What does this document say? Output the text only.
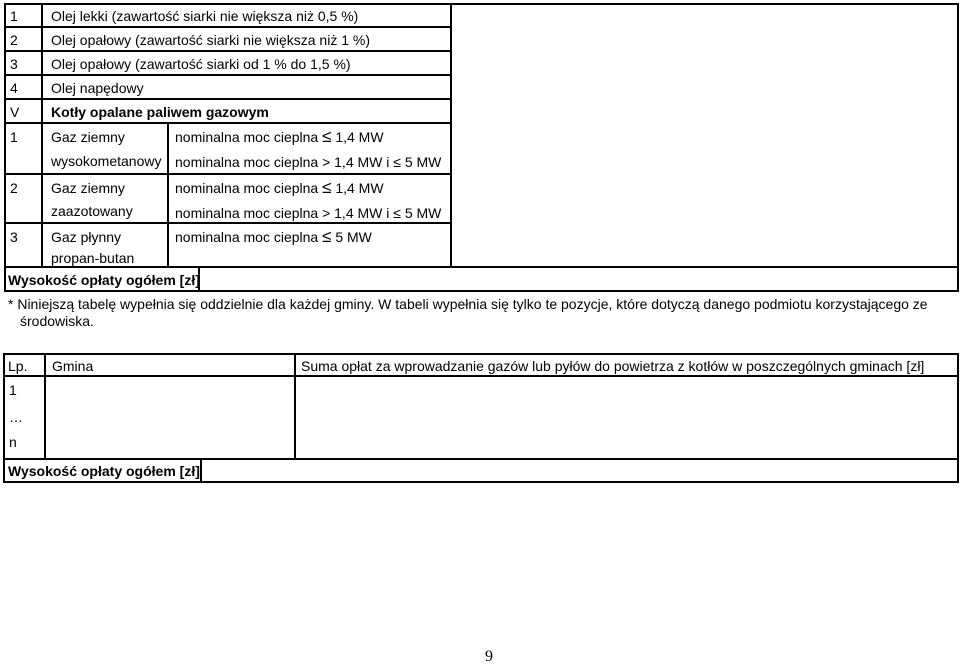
1 Olej lekki (zawartość siarki nie większa niż 0,5 %)
2 Olej opałowy (zawartość siarki nie większa niż 1 %)
3 Olej opałowy (zawartość siarki od 1 % do 1,5 %)
4 Olej napędowy
V Kotły opalane paliwem gazowym
1 Gaz ziemny
wysokometanowy
nominalna moc cieplna ≤ 1,4 MW
nominalna moc cieplna > 1,4 MW i ≤ 5 MW
2 Gaz ziemny
zaazotowany
nominalna moc cieplna ≤ 1,4 MW
nominalna moc cieplna > 1,4 MW i ≤ 5 MW
3 Gaz płynny
propan-butan
nominalna moc cieplna ≤ 5 MW
Wysokość opłaty ogółem [zł]
* Niniejszą tabelę wypełnia się oddzielnie dla każdej gminy. W tabeli wypełnia się tylko te pozycje, które dotyczą danego podmiotu korzystającego ze
środowiska.
Lp. Gmina	Suma opłat za wprowadzanie gazów lub pyłów do powietrza z kotłów w poszczególnych gminach [zł]
1
…
n
Wysokość opłaty ogółem [zł]
9
